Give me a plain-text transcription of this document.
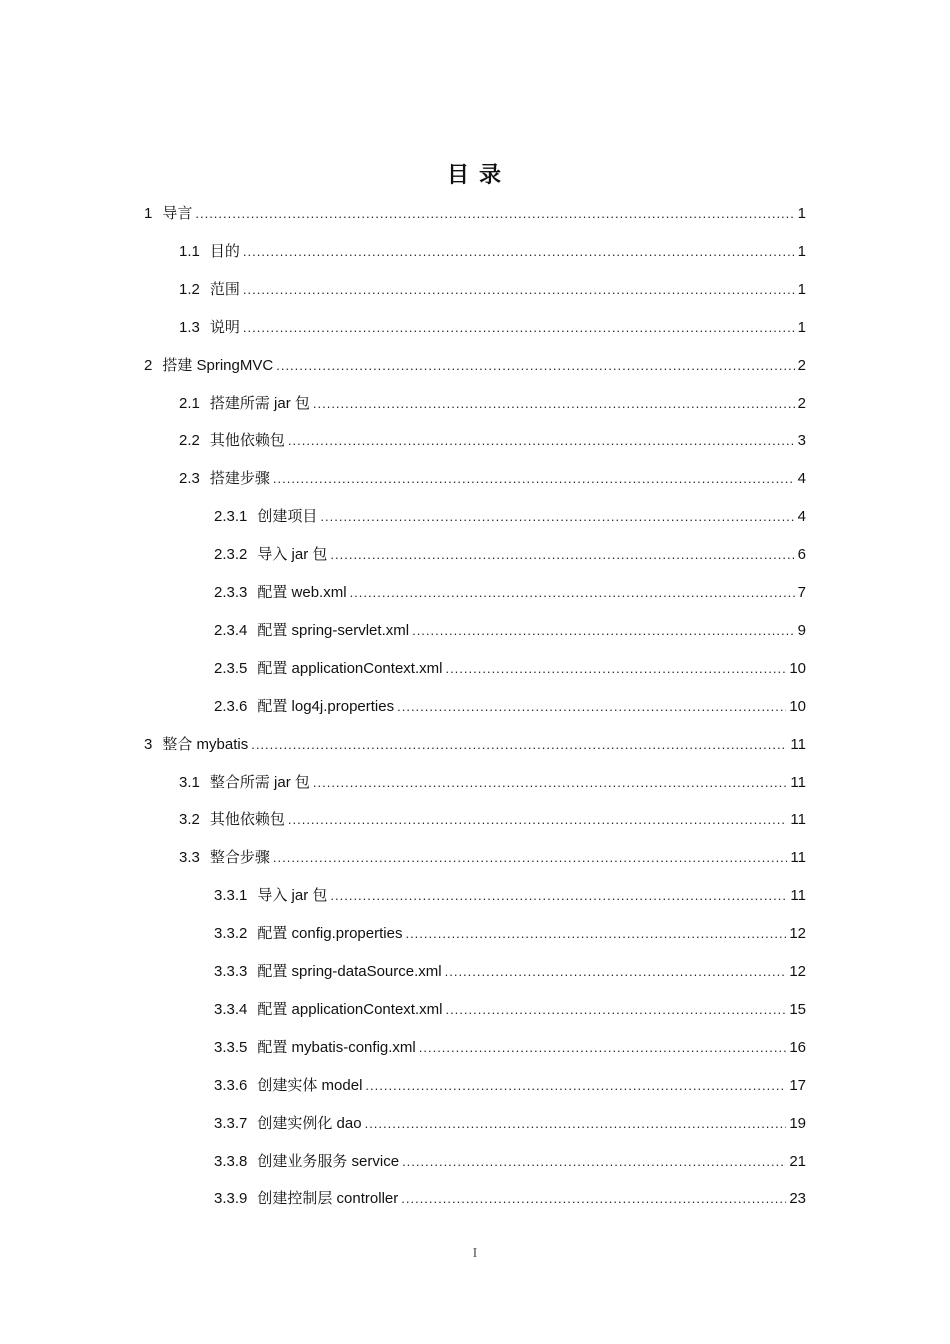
目 录
1 导言 .....	1
1.1 目的 .....	1
1.2 范围 .....	1
1.3 说明 .....	1
2 搭建 SpringMVC .....	2
2.1 搭建所需 jar 包 .....	2
2.2 其他依赖包 .....	3
2.3 搭建步骤 .....	4
2.3.1 创建项目 .....	4
2.3.2 导入 jar 包 .....	6
2.3.3 配置 web.xml .....	7
2.3.4 配置 spring-servlet.xml .....	9
2.3.5 配置 applicationContext.xml .....	10
2.3.6 配置 log4j.properties .....	10
3 整合 mybatis .....	11
3.1 整合所需 jar 包 .....	11
3.2 其他依赖包 .....	11
3.3 整合步骤 .....	11
3.3.1 导入 jar 包 .....	11
3.3.2 配置 config.properties .....	12
3.3.3 配置 spring-dataSource.xml .....	12
3.3.4 配置 applicationContext.xml .....	15
3.3.5 配置 mybatis-config.xml .....	16
3.3.6 创建实体 model .....	17
3.3.7 创建实例化 dao .....	19
3.3.8 创建业务服务 service .....	21
3.3.9 创建控制层 controller .....	23
I
